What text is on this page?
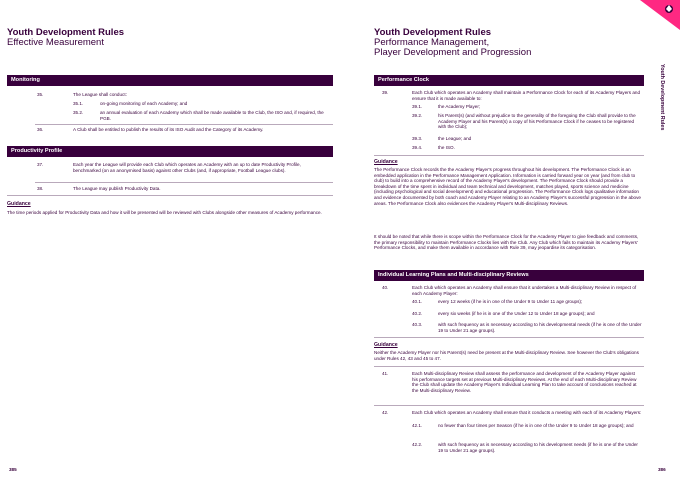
Youth Development Rules
Effective Measurement
Monitoring
35.	The League shall conduct:
35.1.	on-going monitoring of each Academy; and
35.2.	an annual evaluation of each Academy which shall be made available to the Club, the ISO and, if required, the PGB.
36.	A Club shall be entitled to publish the results of its ISO Audit and the Category of its Academy.
Productivity Profile
37.	Each year the League will provide each Club which operates an Academy with an up to date Productivity Profile, benchmarked (on an anonymised basis) against other Clubs (and, if appropriate, Football League clubs).
38.	The League may publish Productivity Data.
Guidance
The time periods applied for Productivity Data and how it will be presented will be reviewed with Clubs alongside other measures of Academy performance.
385
Youth Development Rules
Performance Management,
Player Development and Progression
Performance Clock
39.	Each Club which operates an Academy shall maintain a Performance Clock for each of its Academy Players and ensure that it is made available to:
39.1.	the Academy Player;
39.2.	his Parent(s) (and without prejudice to the generality of the foregoing the Club shall provide to the Academy Player and his Parent(s) a copy of his Performance Clock if he ceases to be registered with the Club);
39.3.	the League; and
39.4.	the ISO.
Guidance
The Performance Clock records the the Academy Player's progress throughout his development. The Performance Clock is an embedded application in the Performance Management Application. Information is carried forward year on year (and from club to club) to build into a comprehensive record of the Academy Player's development. The Performance Clock should provide a breakdown of the time spent in individual and team technical and development, matches played, sports science and medicine (including psychological and social development) and educational progression. The Performance Clock logs qualitative information and evidence documented by both coach and Academy Player relating to an Academy Player's successful progression in the above areas. The Performance Clock also evidences the Academy Player's Multi-disciplinary Reviews.
It should be noted that while there is scope within the Performance Clock for the Academy Player to give feedback and comments, the primary responsibility to maintain Performance Clocks lies with the Club. Any Club which fails to maintain its Academy Players' Performance Clocks, and make them available in accordance with Rule 39, may jeopardise its categorisation.
Individual Learning Plans and Multi-disciplinary Reviews
40.	Each Club which operates an Academy shall ensure that it undertakes a Multi-disciplinary Review in respect of each Academy Player:
40.1.	every 12 weeks (if he is in one of the Under 9 to Under 11 age groups);
40.2.	every six weeks (if he is in one of the Under 12 to Under 18 age groups); and
40.3.	with such frequency as is necessary according to his developmental needs (if he is one of the Under 19 to Under 21 age groups).
Guidance
Neither the Academy Player nor his Parent(s) need be present at the Multi-disciplinary Review. See however the Club's obligations under Rules 42, 43 and 45 to 47.
41.	Each Multi-disciplinary Review shall assess the performance and development of the Academy Player against his performance targets set at previous Multi-disciplinary Reviews. At the end of each Multi-disciplinary Review the Club shall update the Academy Player's Individual Learning Plan to take account of conclusions reached at the Multi-disciplinary Review.
42.	Each Club which operates an Academy shall ensure that it conducts a meeting with each of its Academy Players:
42.1.	no fewer than four times per Season (if he is in one of the Under 9 to Under 18 age groups); and
42.2.	with such frequency as is necessary according to his development needs (if he is one of the Under 19 to Under 21 age groups).
386
Youth Development Rules
